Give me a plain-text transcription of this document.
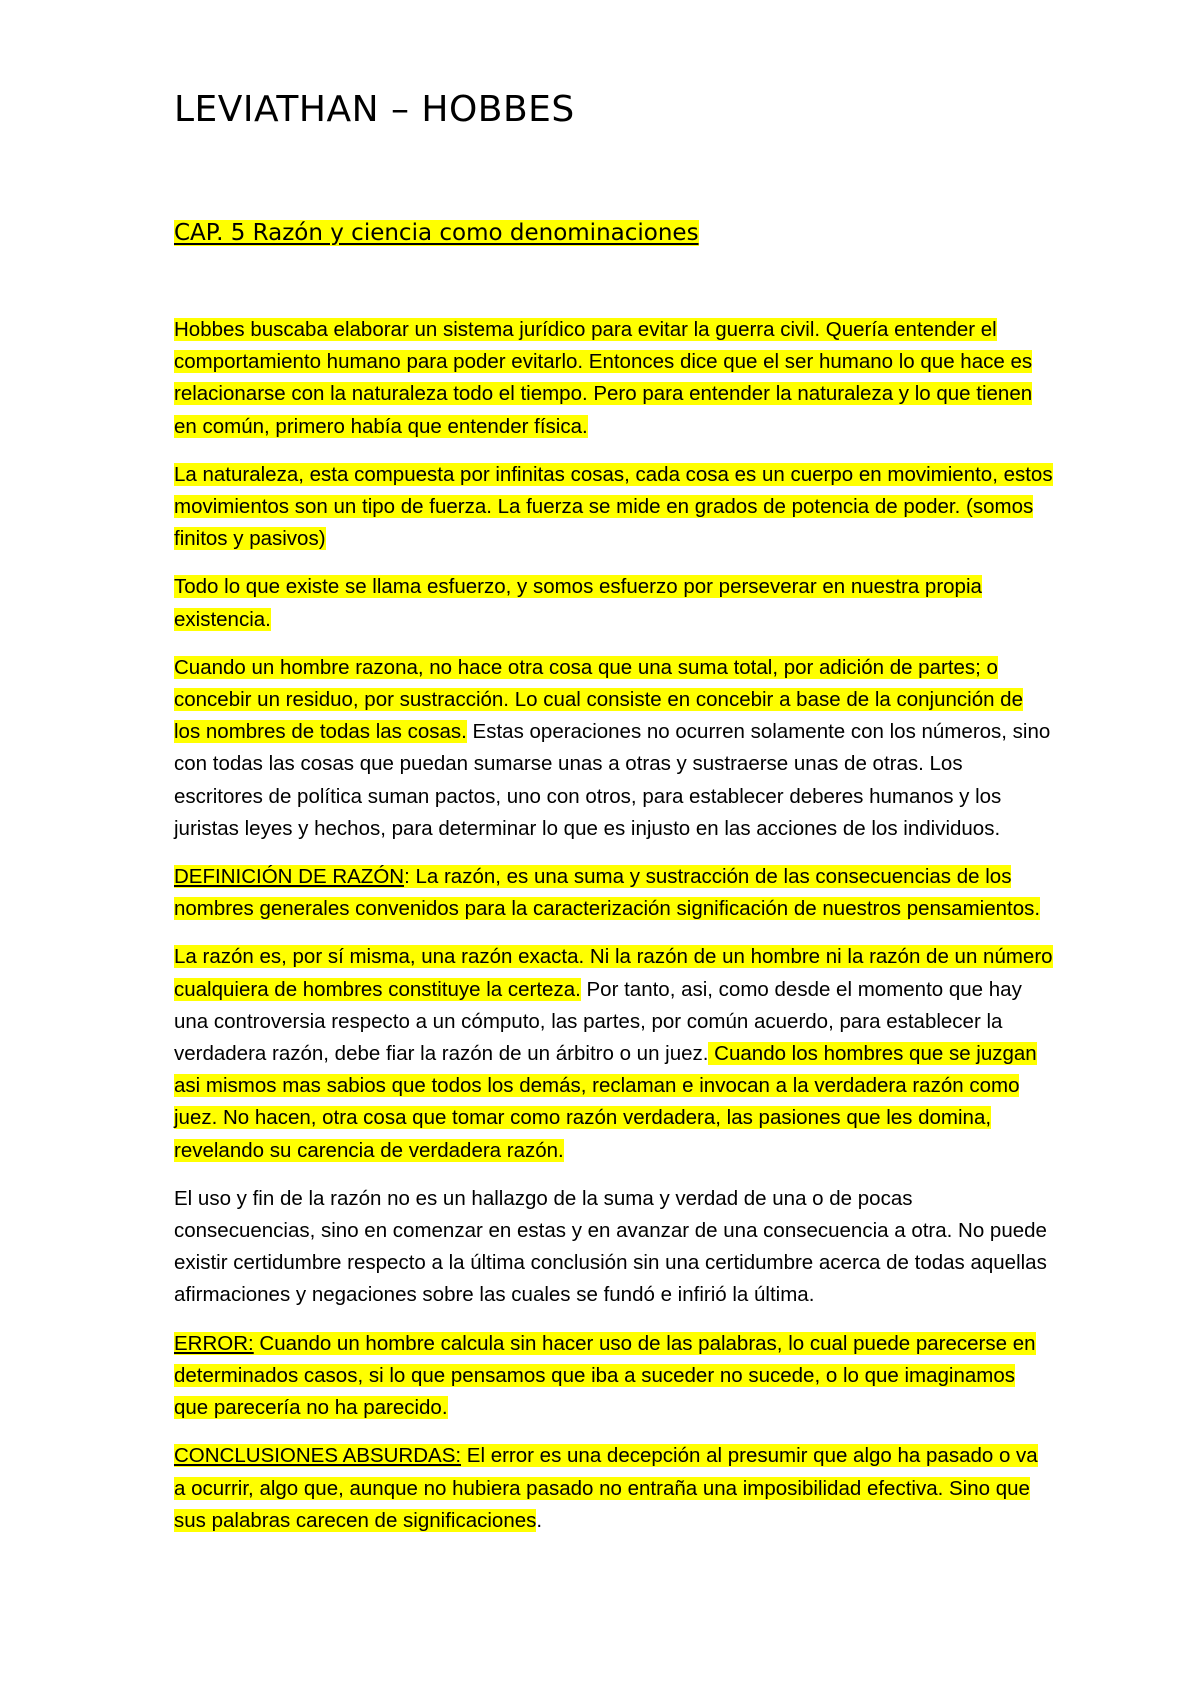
LEVIATHAN – HOBBES
CAP. 5 Razón y ciencia como denominaciones

Hobbes buscaba elaborar un sistema jurídico para evitar la guerra civil. Quería entender el comportamiento humano para poder evitarlo. Entonces dice que el ser humano lo que hace es relacionarse con la naturaleza todo el tiempo. Pero para entender la naturaleza y lo que tienen en común, primero había que entender física.

La naturaleza, esta compuesta por infinitas cosas, cada cosa es un cuerpo en movimiento, estos movimientos son un tipo de fuerza. La fuerza se mide en grados de potencia de poder. (somos finitos y pasivos)

Todo lo que existe se llama esfuerzo, y somos esfuerzo por perseverar en nuestra propia existencia.

Cuando un hombre razona, no hace otra cosa que una suma total, por adición de partes; o concebir un residuo, por sustracción. Lo cual consiste en concebir a base de la conjunción de los nombres de todas las cosas. Estas operaciones no ocurren solamente con los números, sino con todas las cosas que puedan sumarse unas a otras y sustraerse unas de otras. Los escritores de política suman pactos, uno con otros, para establecer deberes humanos y los juristas leyes y hechos, para determinar lo que es injusto en las acciones de los individuos.

DEFINICIÓN DE RAZÓN: La razón, es una suma y sustracción de las consecuencias de los nombres generales convenidos para la caracterización significación de nuestros pensamientos.

La razón es, por sí misma, una razón exacta. Ni la razón de un hombre ni la razón de un número cualquiera de hombres constituye la certeza. Por tanto, asi, como desde el momento que hay una controversia respecto a un cómputo, las partes, por común acuerdo, para establecer la verdadera razón, debe fiar la razón de un árbitro o un juez. Cuando los hombres que se juzgan asi mismos mas sabios que todos los demás, reclaman e invocan a la verdadera razón como juez. No hacen, otra cosa que tomar como razón verdadera, las pasiones que les domina, revelando su carencia de verdadera razón.

El uso y fin de la razón no es un hallazgo de la suma y verdad de una o de pocas consecuencias, sino en comenzar en estas y en avanzar de una consecuencia a otra. No puede existir certidumbre respecto a la última conclusión sin una certidumbre acerca de todas aquellas afirmaciones y negaciones sobre las cuales se fundó e infirió la última.

ERROR: Cuando un hombre calcula sin hacer uso de las palabras, lo cual puede parecerse en determinados casos, si lo que pensamos que iba a suceder no sucede, o lo que imaginamos que parecería no ha parecido.

CONCLUSIONES ABSURDAS: El error es una decepción al presumir que algo ha pasado o va a ocurrir, algo que, aunque no hubiera pasado no entraña una imposibilidad efectiva. Sino que sus palabras carecen de significaciones.
